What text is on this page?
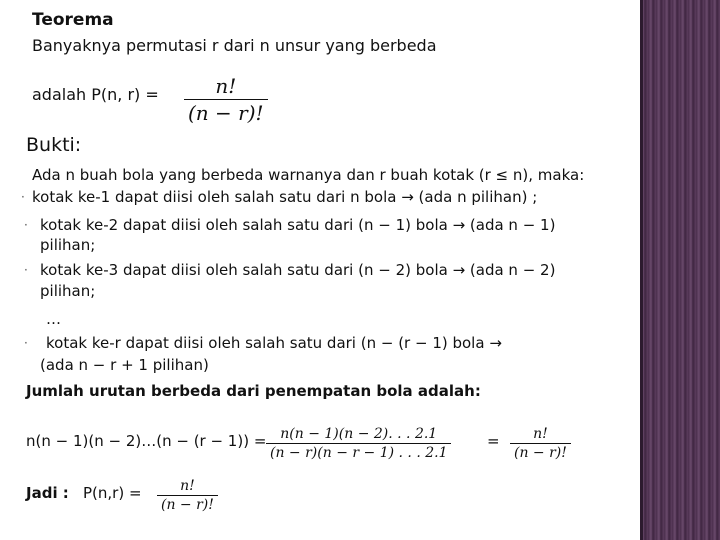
Teorema
Banyaknya permutasi r dari n unsur yang berbeda
adalah P(n, $r) = \frac{n!}{(n - r)!}$
Bukti:
Ada n buah bola yang berbeda warnanya dan r buah kotak (r ≤ n), maka:
· kotak ke-1 dapat diisi oleh salah satu dari n bola → (ada n pilihan) ;
· kotak ke-2 dapat diisi oleh salah satu dari (n − 1) bola → (ada n − 1)
pilihan;
· kotak ke-3 dapat diisi oleh salah satu dari (n − 2) bola → (ada n − 2)
pilihan;
…
· kotak ke-r dapat diisi oleh salah satu dari (n − (r − 1) bola →
(ada n − r + 1 pilihan)
Jumlah urutan berbeda dari penempatan bola adalah:
n(n − 1)(n − 2)…(n − $(r - 1)) = \frac{n(n - 1)(n - 2). . . 2.1}{(n - r)(n - r - 1) . . . 2.1} = \frac{n!}{(n - r)!}$
Jadi : $P(n,r) = \frac{n!}{(n - r)!}$
